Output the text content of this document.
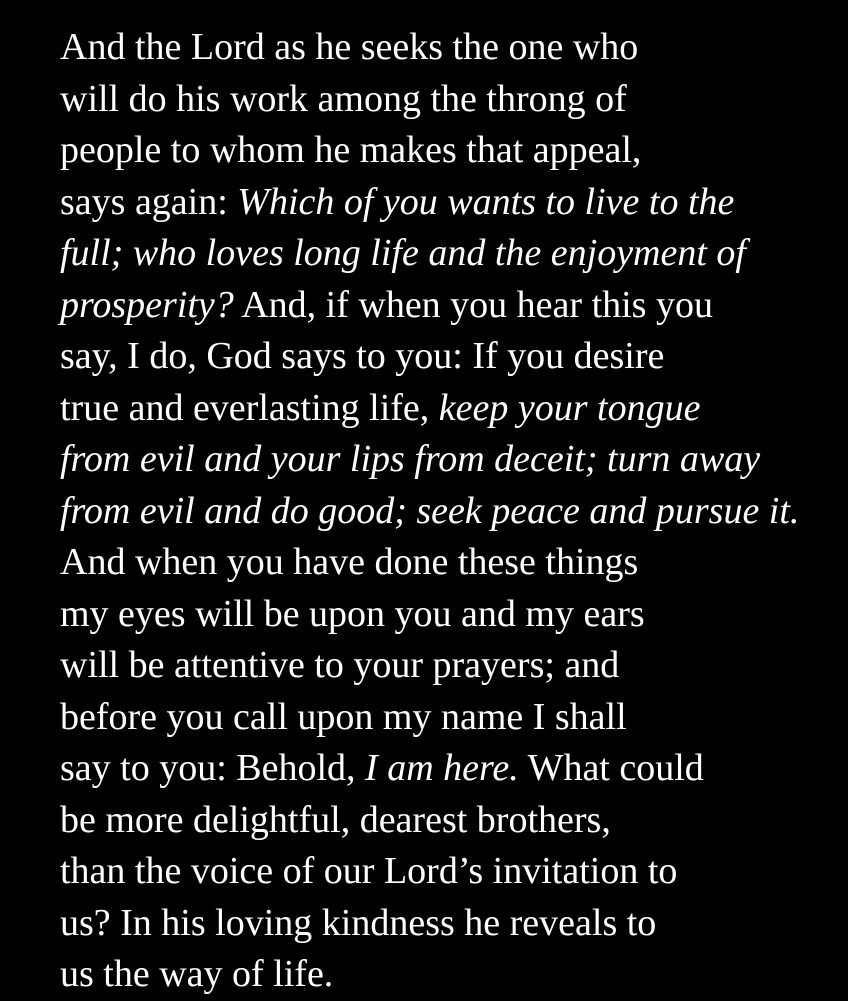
And the Lord as he seeks the one who
will do his work among the throng of
people to whom he makes that appeal,
says again: Which of you wants to live to the
full; who loves long life and the enjoyment of
prosperity? And, if when you hear this you
say, I do, God says to you: If you desire
true and everlasting life, keep your tongue
from evil and your lips from deceit; turn away
from evil and do good; seek peace and pursue it.
And when you have done these things
my eyes will be upon you and my ears
will be attentive to your prayers; and
before you call upon my name I shall
say to you: Behold, I am here. What could
be more delightful, dearest brothers,
than the voice of our Lord’s invitation to
us? In his loving kindness he reveals to
us the way of life.
